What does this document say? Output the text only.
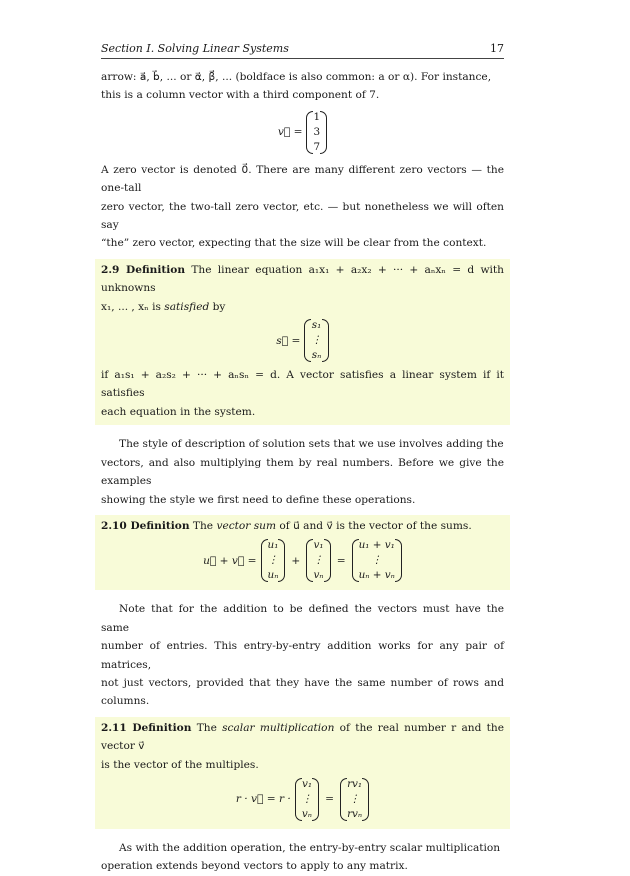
Section I. Solving Linear Systems	17

arrow: a⃗, b⃗, ... or α⃗, β⃗, ... (boldface is also common: a or α). For instance,

this is a column vector with a third component of 7.

v⃗ =
1
3
7

A zero vector is denoted 0⃗. There are many different zero vectors — the one-tall

zero vector, the two-tall zero vector, etc. — but nonetheless we will often say

“the” zero vector, expecting that the size will be clear from the context.

2.9 Definition The linear equation a₁x₁ + a₂x₂ + ··· + aₙxₙ = d with unknowns

x₁, ... , xₙ is satisfied by

s⃗ =
s₁
⋮
sₙ

if a₁s₁ + a₂s₂ + ··· + aₙsₙ = d. A vector satisfies a linear system if it satisfies

each equation in the system.

The style of description of solution sets that we use involves adding the

vectors, and also multiplying them by real numbers. Before we give the examples

showing the style we first need to define these operations.

2.10 Definition The vector sum of u⃗ and v⃗ is the vector of the sums.

u⃗ + v⃗ =
u₁
⋮
uₙ
+
v₁
⋮
vₙ
=
u₁ + v₁
⋮
uₙ + vₙ

Note that for the addition to be defined the vectors must have the same

number of entries. This entry-by-entry addition works for any pair of matrices,

not just vectors, provided that they have the same number of rows and columns.

2.11 Definition The scalar multiplication of the real number r and the vector v⃗

is the vector of the multiples.

r · v⃗ = r ·
v₁
⋮
vₙ
=
rv₁
⋮
rvₙ

As with the addition operation, the entry-by-entry scalar multiplication

operation extends beyond vectors to apply to any matrix.
